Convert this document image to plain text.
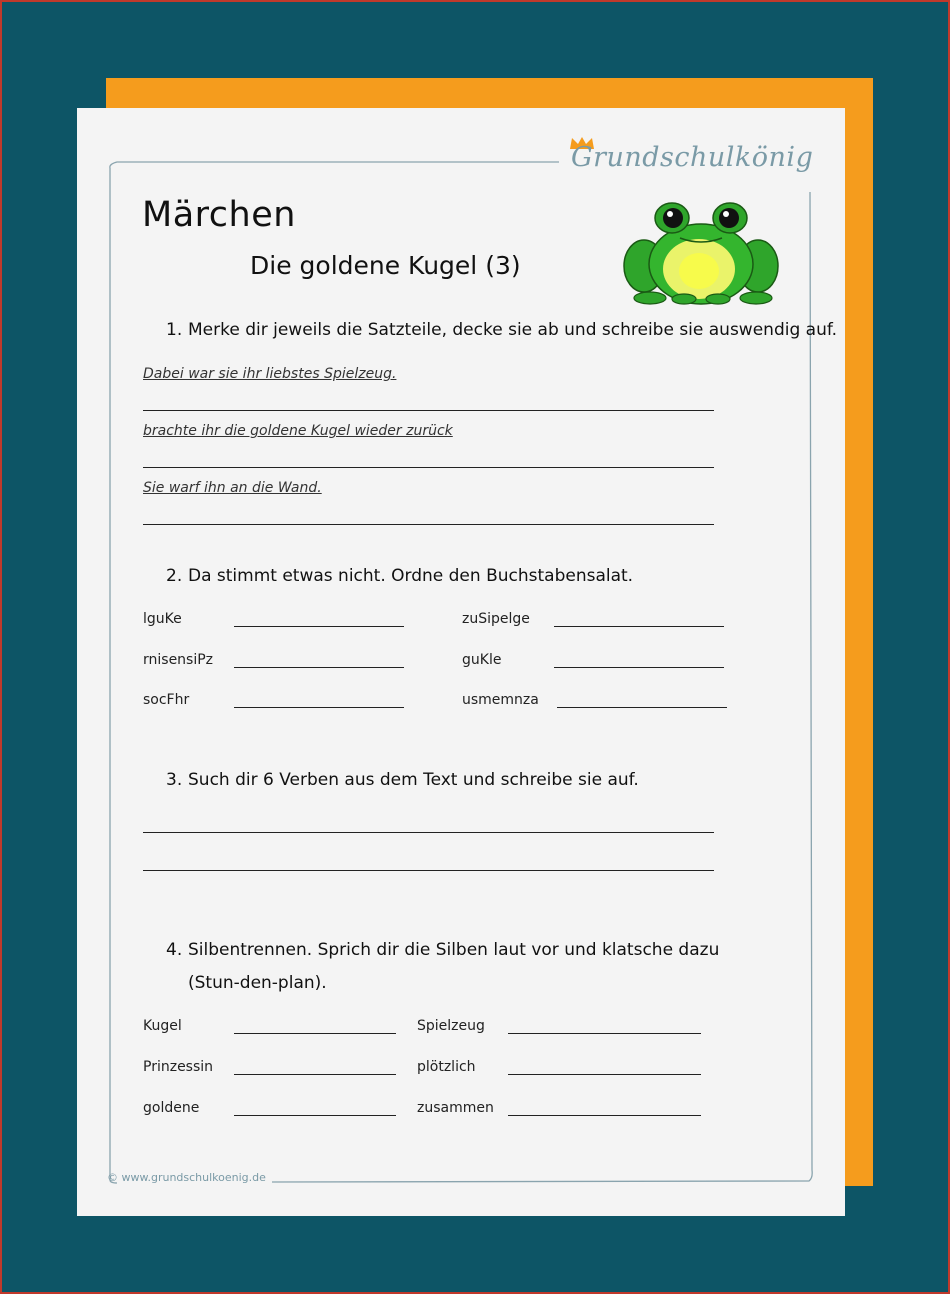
Grundschulkönig
Märchen
Die goldene Kugel (3)
1. Merke dir jeweils die Satzteile, decke sie ab und schreibe sie auswendig auf.
Dabei war sie ihr liebstes Spielzeug.
brachte ihr die goldene Kugel wieder zurück
Sie warf ihn an die Wand.
2. Da stimmt etwas nicht. Ordne den Buchstabensalat.
lguKe	zuSipelge
rnisensiPz	guKle
socFhr	usmemnza
3. Such dir 6 Verben aus dem Text und schreibe sie auf.
4. Silbentrennen. Sprich dir die Silben laut vor und klatsche dazu
(Stun-den-plan).
Kugel	Spielzeug
Prinzessin	plötzlich
goldene	zusammen
© www.grundschulkoenig.de
